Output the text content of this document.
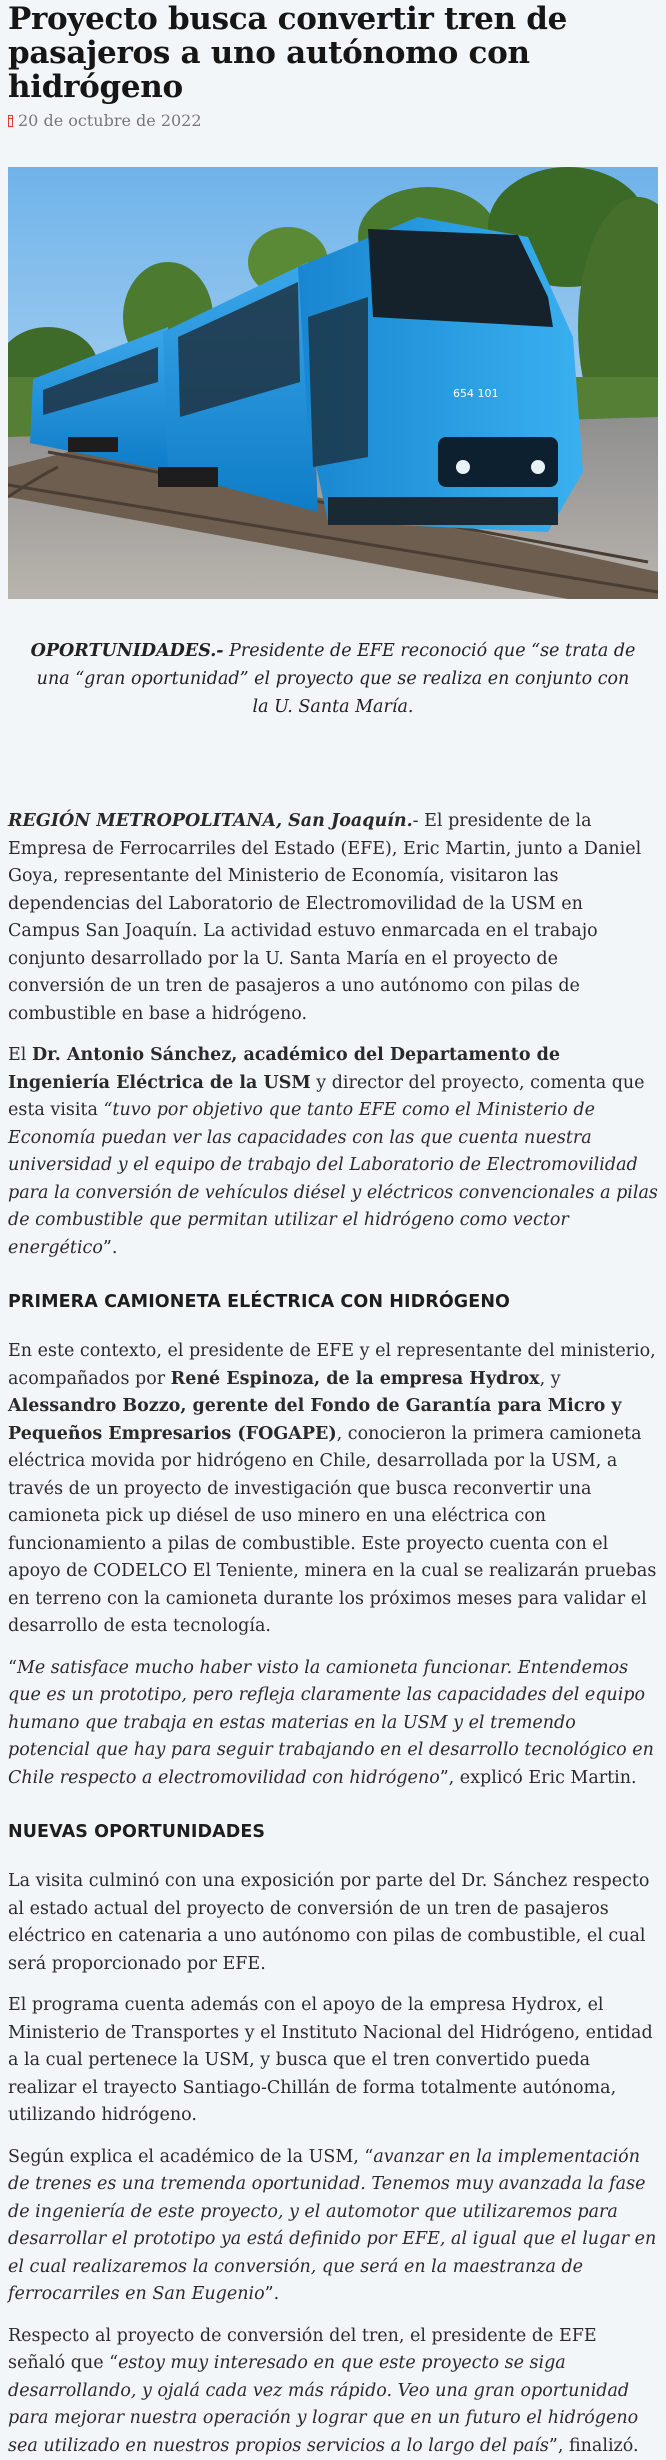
Proyecto busca convertir tren de pasajeros a uno autónomo con hidrógeno
20 de octubre de 2022
654 101
OPORTUNIDADES.- Presidente de EFE reconoció que “se trata de una “gran oportunidad” el proyecto que se realiza en conjunto con la U. Santa María.

REGIÓN METROPOLITANA, San Joaquín.- El presidente de la Empresa de Ferrocarriles del Estado (EFE), Eric Martin, junto a Daniel Goya, representante del Ministerio de Economía, visitaron las dependencias del Laboratorio de Electromovilidad de la USM en Campus San Joaquín. La actividad estuvo enmarcada en el trabajo conjunto desarrollado por la U. Santa María en el proyecto de conversión de un tren de pasajeros a uno autónomo con pilas de combustible en base a hidrógeno.

El Dr. Antonio Sánchez, académico del Departamento de Ingeniería Eléctrica de la USM y director del proyecto, comenta que esta visita “tuvo por objetivo que tanto EFE como el Ministerio de Economía puedan ver las capacidades con las que cuenta nuestra universidad y el equipo de trabajo del Laboratorio de Electromovilidad para la conversión de vehículos diésel y eléctricos convencionales a pilas de combustible que permitan utilizar el hidrógeno como vector energético”.

PRIMERA CAMIONETA ELÉCTRICA CON HIDRÓGENO

En este contexto, el presidente de EFE y el representante del ministerio, acompañados por René Espinoza, de la empresa Hydrox, y Alessandro Bozzo, gerente del Fondo de Garantía para Micro y Pequeños Empresarios (FOGAPE), conocieron la primera camioneta eléctrica movida por hidrógeno en Chile, desarrollada por la USM, a través de un proyecto de investigación que busca reconvertir una camioneta pick up diésel de uso minero en una eléctrica con funcionamiento a pilas de combustible. Este proyecto cuenta con el apoyo de CODELCO El Teniente, minera en la cual se realizarán pruebas en terreno con la camioneta durante los próximos meses para validar el desarrollo de esta tecnología.

“Me satisface mucho haber visto la camioneta funcionar. Entendemos que es un prototipo, pero refleja claramente las capacidades del equipo humano que trabaja en estas materias en la USM y el tremendo potencial que hay para seguir trabajando en el desarrollo tecnológico en Chile respecto a electromovilidad con hidrógeno”, explicó Eric Martin.

NUEVAS OPORTUNIDADES

La visita culminó con una exposición por parte del Dr. Sánchez respecto al estado actual del proyecto de conversión de un tren de pasajeros eléctrico en catenaria a uno autónomo con pilas de combustible, el cual será proporcionado por EFE.

El programa cuenta además con el apoyo de la empresa Hydrox, el Ministerio de Transportes y el Instituto Nacional del Hidrógeno, entidad a la cual pertenece la USM, y busca que el tren convertido pueda realizar el trayecto Santiago-Chillán de forma totalmente autónoma, utilizando hidrógeno.

Según explica el académico de la USM, “avanzar en la implementación de trenes es una tremenda oportunidad. Tenemos muy avanzada la fase de ingeniería de este proyecto, y el automotor que utilizaremos para desarrollar el prototipo ya está definido por EFE, al igual que el lugar en el cual realizaremos la conversión, que será en la maestranza de ferrocarriles en San Eugenio”.

Respecto al proyecto de conversión del tren, el presidente de EFE señaló que “estoy muy interesado en que este proyecto se siga desarrollando, y ojalá cada vez más rápido. Veo una gran oportunidad para mejorar nuestra operación y lograr que en un futuro el hidrógeno sea utilizado en nuestros propios servicios a lo largo del país”, finalizó.
